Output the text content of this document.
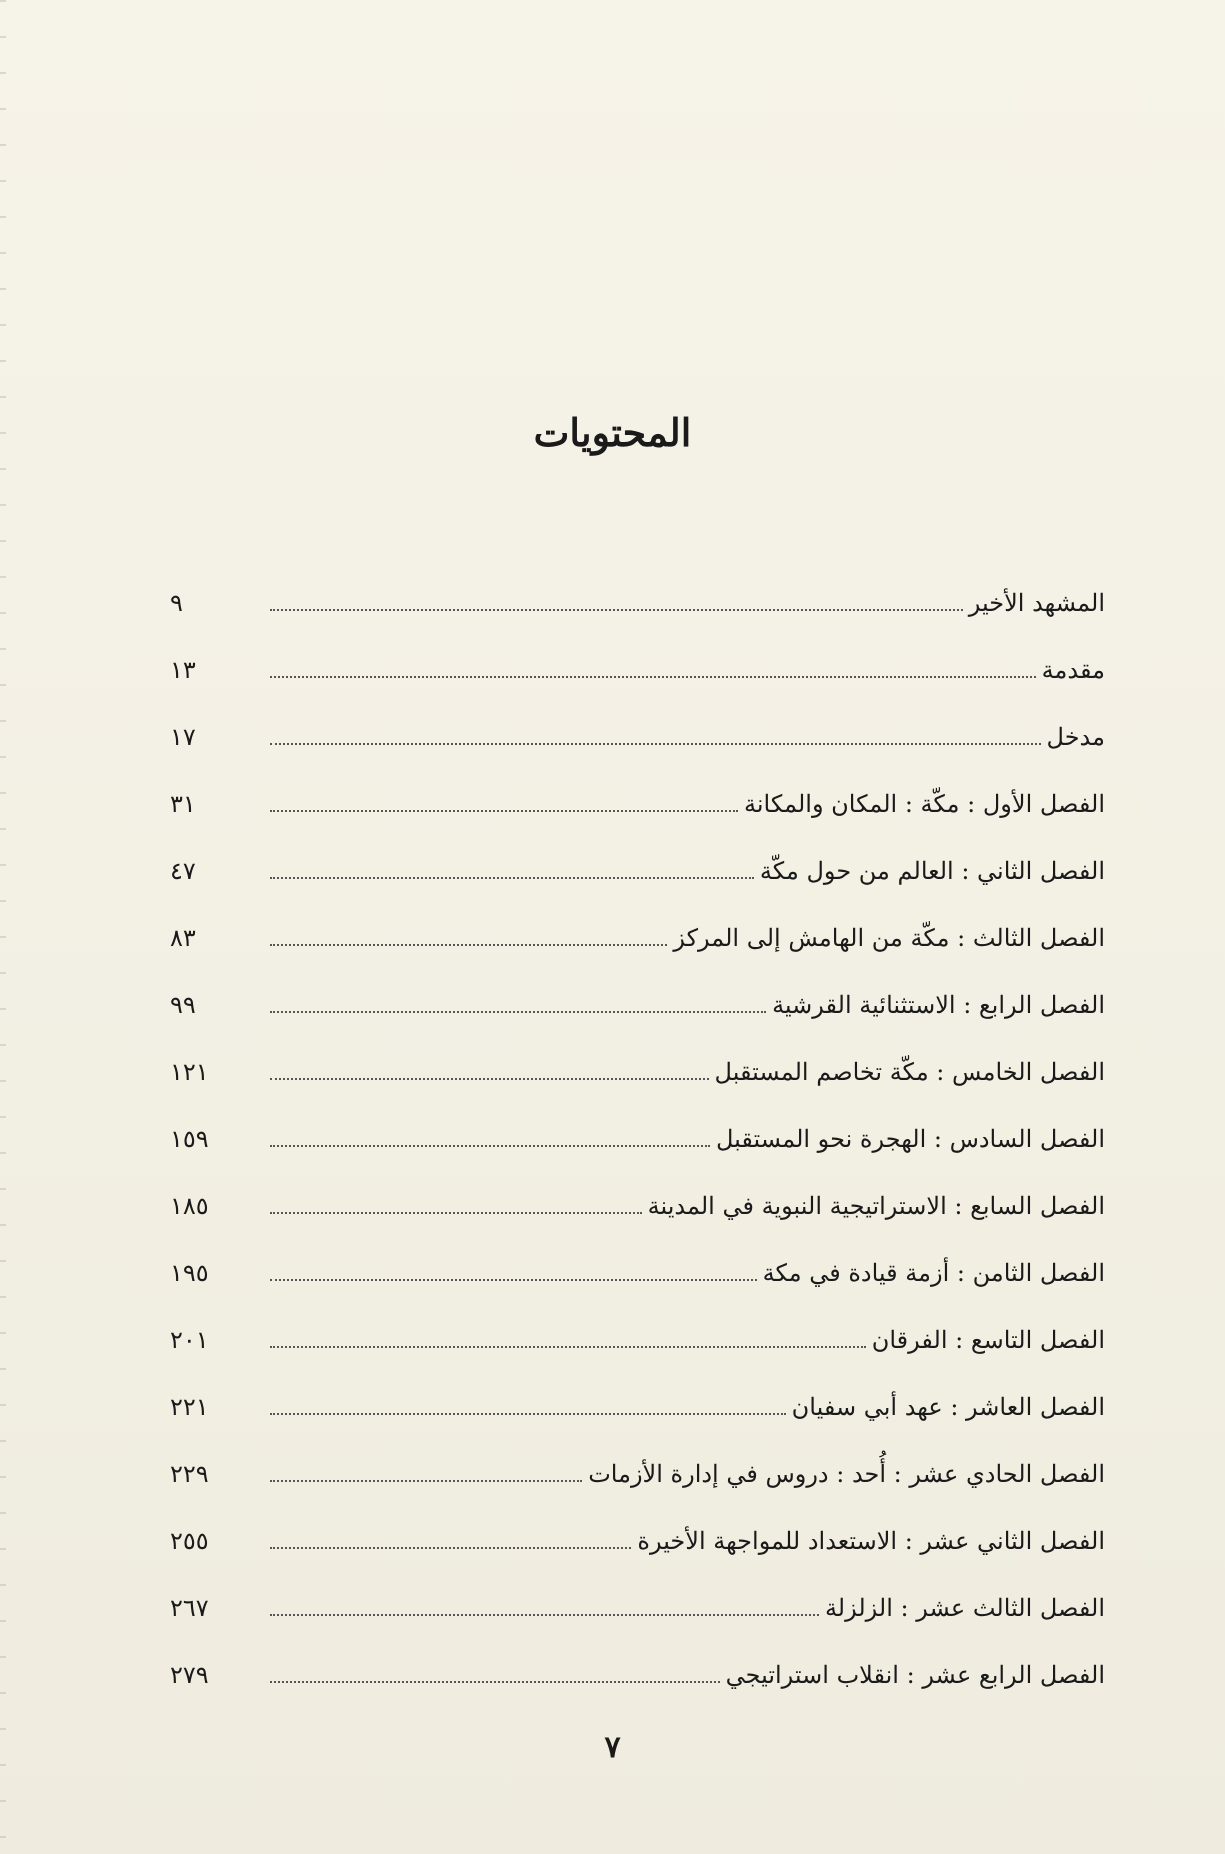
المحتويات
المشهد الأخير
٩
مقدمة
١٣
مدخل
١٧
الفصل الأول : مكّة : المكان والمكانة
٣١
الفصل الثاني : العالم من حول مكّة
٤٧
الفصل الثالث : مكّة من الهامش إلى المركز
٨٣
الفصل الرابع : الاستثنائية القرشية
٩٩
الفصل الخامس : مكّة تخاصم المستقبل
١٢١
الفصل السادس : الهجرة نحو المستقبل
١٥٩
الفصل السابع : الاستراتيجية النبوية في المدينة
١٨٥
الفصل الثامن : أزمة قيادة في مكة
١٩٥
الفصل التاسع : الفرقان
٢٠١
الفصل العاشر : عهد أبي سفيان
٢٢١
الفصل الحادي عشر : أُحد : دروس في إدارة الأزمات
٢٢٩
الفصل الثاني عشر : الاستعداد للمواجهة الأخيرة
٢٥٥
الفصل الثالث عشر : الزلزلة
٢٦٧
الفصل الرابع عشر : انقلاب استراتيجي
٢٧٩
٧
